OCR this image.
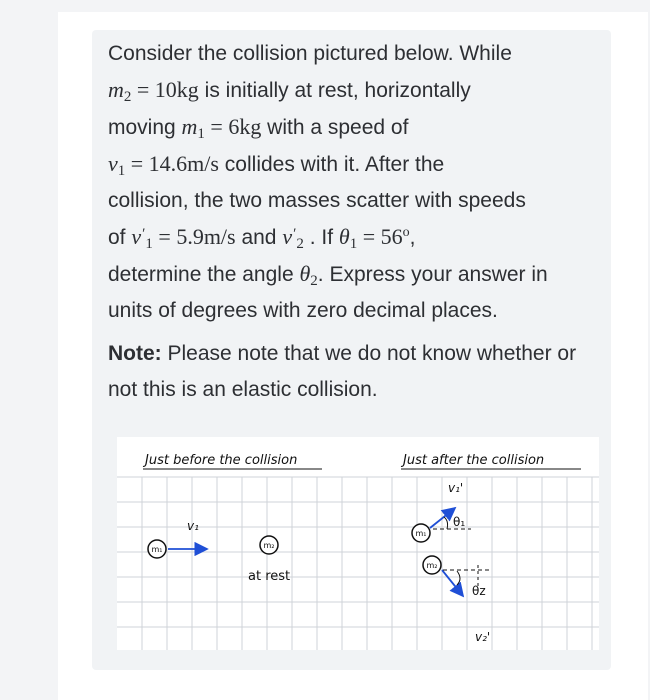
Consider the collision pictured below. While
$m_2 = 10kg$ is initially at rest, horizontally
moving $m_1 = 6kg$ with a speed of
$v_1 = 14.6m/s$ collides with it. After the
collision, the two masses scatter with speeds
of $v'_1 = 5.9m/s$ and $v'_2$ . If $\theta_1 = 56^o$,
determine the angle $\theta_2$. Express your answer in
units of degrees with zero decimal places.
Note: Please note that we do not know whether or not this is an elastic collision.
Just before the collision	Just after the collision
m₁
v₁
m₂
at rest
m₁
v₁'
θ₁
m₂
θz
v₂'
